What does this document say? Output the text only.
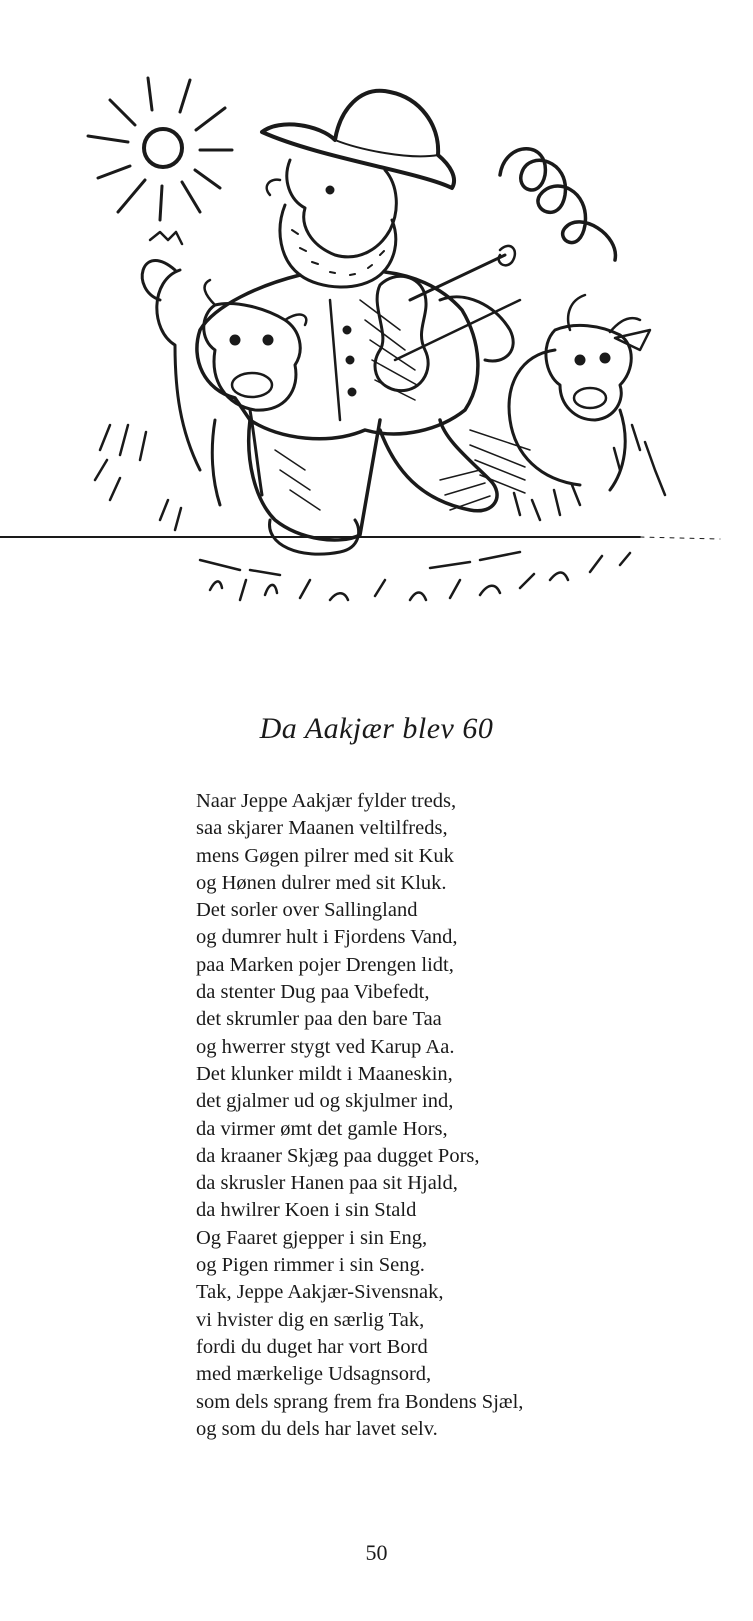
Da Aakjær blev 60
Naar Jeppe Aakjær fylder treds,
saa skjarer Maanen veltilfreds,
mens Gøgen pilrer med sit Kuk
og Hønen dulrer med sit Kluk.
Det sorler over Sallingland
og dumrer hult i Fjordens Vand,
paa Marken pojer Drengen lidt,
da stenter Dug paa Vibefedt,
det skrumler paa den bare Taa
og hwerrer stygt ved Karup Aa.
Det klunker mildt i Maaneskin,
det gjalmer ud og skjulmer ind,
da virmer ømt det gamle Hors,
da kraaner Skjæg paa dugget Pors,
da skrusler Hanen paa sit Hjald,
da hwilrer Koen i sin Stald
Og Faaret gjepper i sin Eng,
og Pigen rimmer i sin Seng.
Tak, Jeppe Aakjær-Sivensnak,
vi hvister dig en særlig Tak,
fordi du duget har vort Bord
med mærkelige Udsagnsord,
som dels sprang frem fra Bondens Sjæl,
og som du dels har lavet selv.
50
